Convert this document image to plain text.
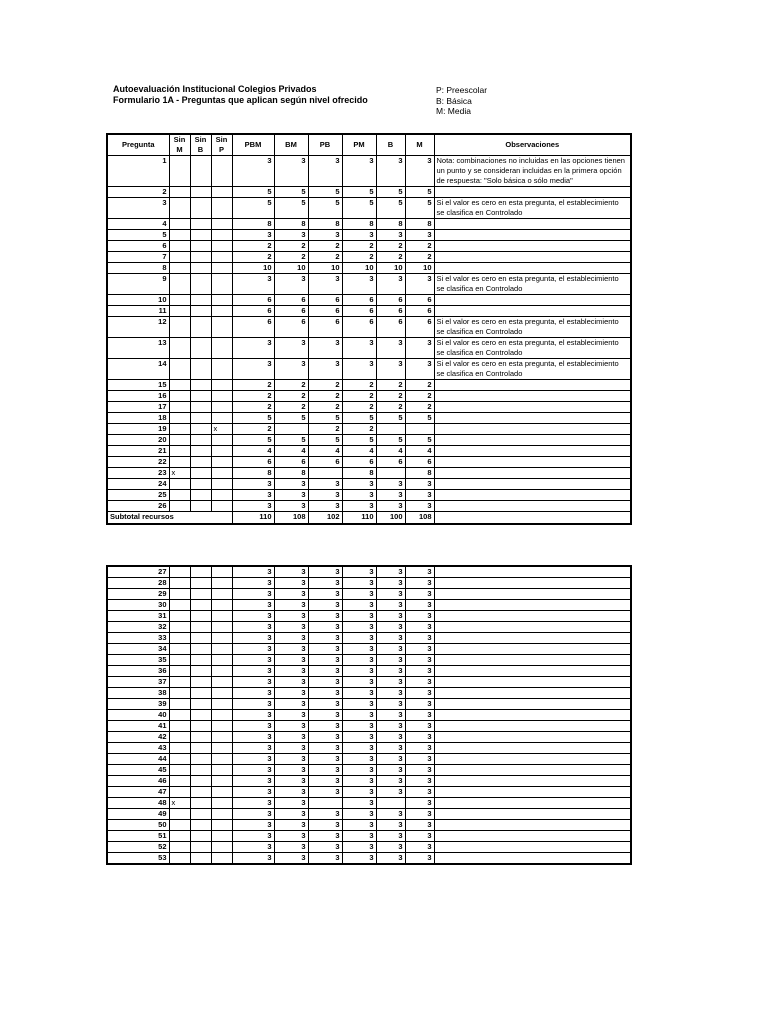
Autoevaluación Institucional Colegios Privados
Formulario 1A - Preguntas que aplican según nivel ofrecido
P: Preescolar
B: Básica
M: Media
Pregunta	Sin M	Sin B	Sin P	PBM	BM	PB	PM	B	M	Observaciones
1				3	3	3	3	3	3	Nota: combinaciones no incluidas en las opciones tienen un punto y se consideran incluidas en la primera opción de respuesta: "Solo básica o sólo media"
2				5	5	5	5	5	5	
3				5	5	5	5	5	5	Si el valor es cero en esta pregunta, el establecimiento se clasifica en Controlado
4				8	8	8	8	8	8	
5				3	3	3	3	3	3	
6				2	2	2	2	2	2	
7				2	2	2	2	2	2	
8				10	10	10	10	10	10	
9				3	3	3	3	3	3	Si el valor es cero en esta pregunta, el establecimiento se clasifica en Controlado
10				6	6	6	6	6	6	
11				6	6	6	6	6	6	
12				6	6	6	6	6	6	Si el valor es cero en esta pregunta, el establecimiento se clasifica en Controlado
13				3	3	3	3	3	3	Si el valor es cero en esta pregunta, el establecimiento se clasifica en Controlado
14				3	3	3	3	3	3	Si el valor es cero en esta pregunta, el establecimiento se clasifica en Controlado
15				2	2	2	2	2	2	
16				2	2	2	2	2	2	
17				2	2	2	2	2	2	
18				5	5	5	5	5	5	
19			x	2		2	2			
20				5	5	5	5	5	5	
21				4	4	4	4	4	4	
22				6	6	6	6	6	6	
23	x			8	8		8		8	
24				3	3	3	3	3	3	
25				3	3	3	3	3	3	
26				3	3	3	3	3	3	
Subtotal recursos				110	108	102	110	100	108	
27				3	3	3	3	3	3	
28				3	3	3	3	3	3	
29				3	3	3	3	3	3	
30				3	3	3	3	3	3	
31				3	3	3	3	3	3	
32				3	3	3	3	3	3	
33				3	3	3	3	3	3	
34				3	3	3	3	3	3	
35				3	3	3	3	3	3	
36				3	3	3	3	3	3	
37				3	3	3	3	3	3	
38				3	3	3	3	3	3	
39				3	3	3	3	3	3	
40				3	3	3	3	3	3	
41				3	3	3	3	3	3	
42				3	3	3	3	3	3	
43				3	3	3	3	3	3	
44				3	3	3	3	3	3	
45				3	3	3	3	3	3	
46				3	3	3	3	3	3	
47				3	3	3	3	3	3	
48	x			3	3		3		3	
49				3	3	3	3	3	3	
50				3	3	3	3	3	3	
51				3	3	3	3	3	3	
52				3	3	3	3	3	3	
53				3	3	3	3	3	3	
